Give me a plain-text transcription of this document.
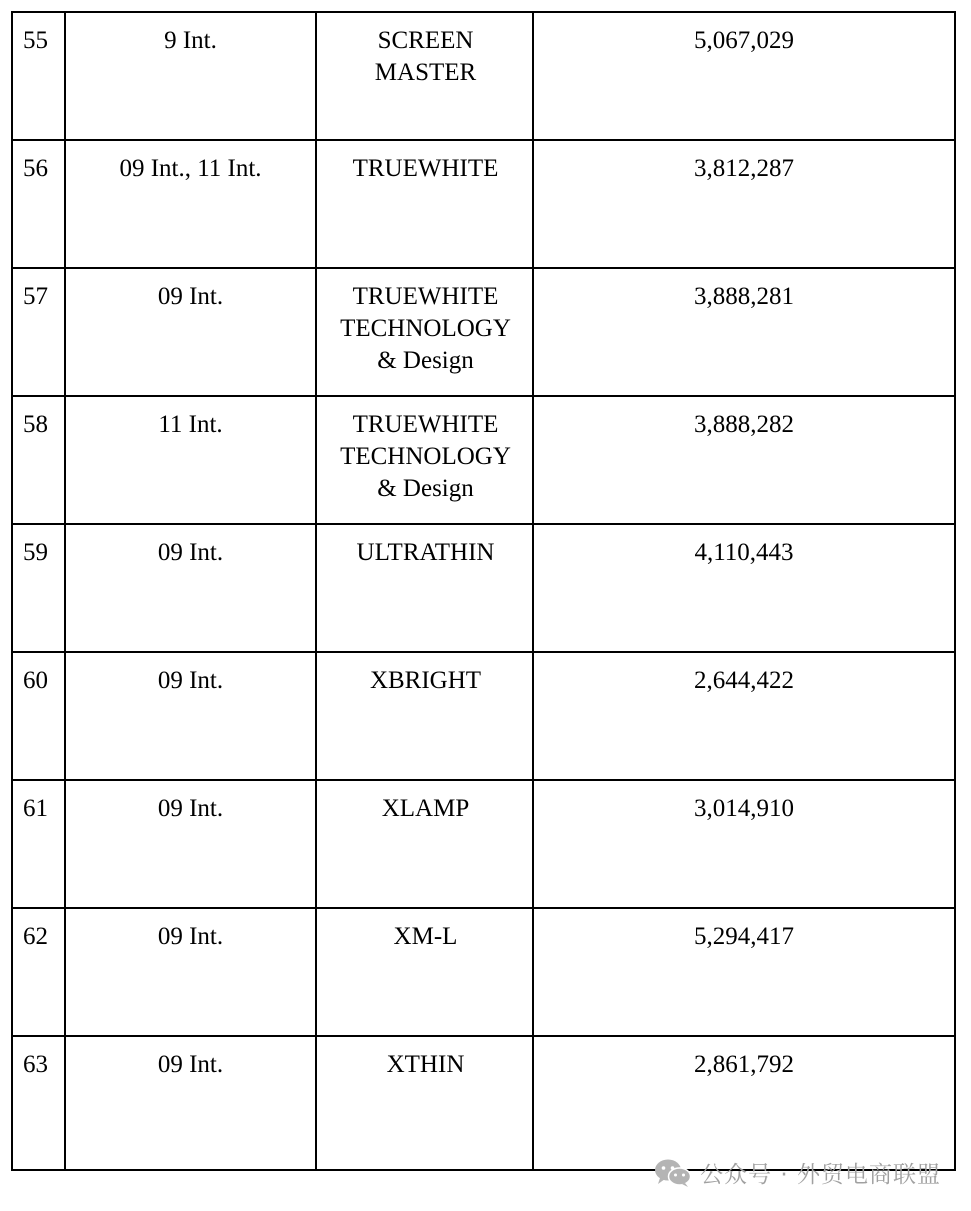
55	9 Int.	SCREEN
MASTER	5,067,029

56	09 Int., 11 Int.	TRUEWHITE	3,812,287

57	09 Int.	TRUEWHITE
TECHNOLOGY
& Design	3,888,281

58	11 Int.	TRUEWHITE
TECHNOLOGY
& Design	3,888,282

59	09 Int.	ULTRATHIN	4,110,443

60	09 Int.	XBRIGHT	2,644,422

61	09 Int.	XLAMP	3,014,910

62	09 Int.	XM-L	5,294,417

63	09 Int.	XTHIN	2,861,792
公众号 · 外贸电商联盟
